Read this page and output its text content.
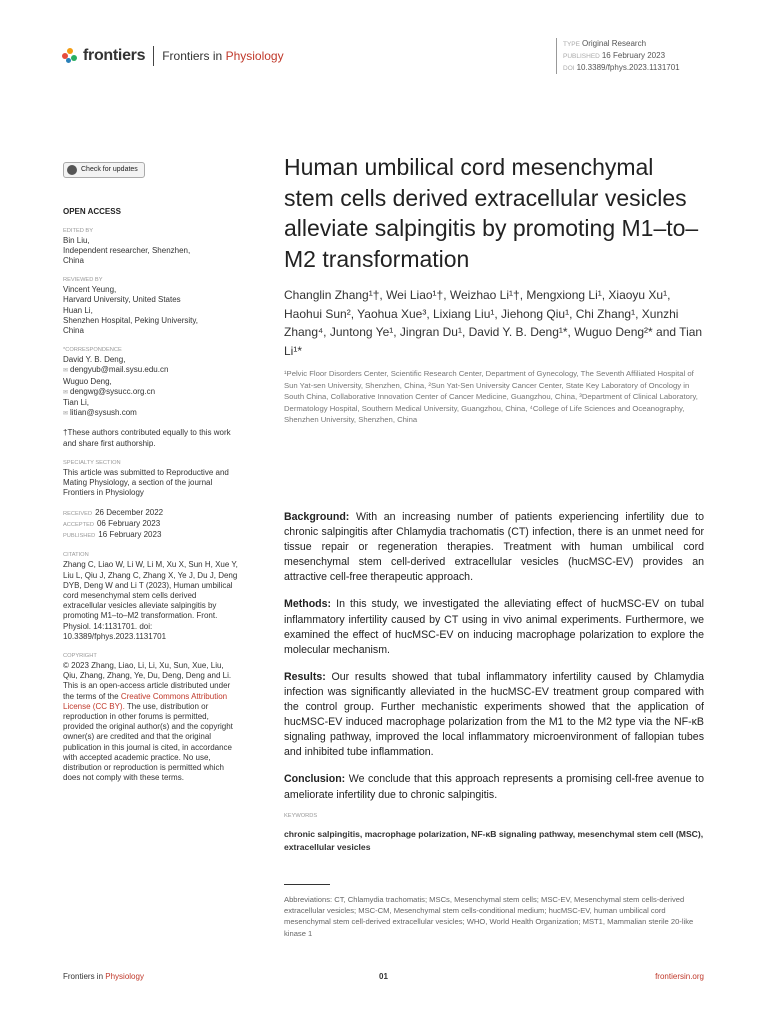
frontiers Frontiers in Physiology
TYPE Original Research
PUBLISHED 16 February 2023
DOI 10.3389/fphys.2023.1131701
Check for updates
OPEN ACCESS
EDITED BY
Bin Liu,
Independent researcher, Shenzhen,
China
REVIEWED BY
Vincent Yeung,
Harvard University, United States
Huan Li,
Shenzhen Hospital, Peking University,
China
*CORRESPONDENCE
David Y. B. Deng,
✉ dengyub@mail.sysu.edu.cn
Wuguo Deng,
✉ dengwg@sysucc.org.cn
Tian Li,
✉ litian@sysush.com
†These authors contributed equally to this work and share first authorship.
SPECIALTY SECTION
This article was submitted to Reproductive and Mating Physiology, a section of the journal Frontiers in Physiology
RECEIVED 26 December 2022
ACCEPTED 06 February 2023
PUBLISHED 16 February 2023
CITATION
Zhang C, Liao W, Li W, Li M, Xu X, Sun H, Xue Y, Liu L, Qiu J, Zhang C, Zhang X, Ye J, Du J, Deng DYB, Deng W and Li T (2023), Human umbilical cord mesenchymal stem cells derived extracellular vesicles alleviate salpingitis by promoting M1–to–M2 transformation. Front. Physiol. 14:1131701. doi: 10.3389/fphys.2023.1131701
COPYRIGHT
© 2023 Zhang, Liao, Li, Li, Xu, Sun, Xue, Liu, Qiu, Zhang, Zhang, Ye, Du, Deng, Deng and Li. This is an open-access article distributed under the terms of the Creative Commons Attribution License (CC BY). The use, distribution or reproduction in other forums is permitted, provided the original author(s) and the copyright owner(s) are credited and that the original publication in this journal is cited, in accordance with accepted academic practice. No use, distribution or reproduction is permitted which does not comply with these terms.
Human umbilical cord mesenchymal stem cells derived extracellular vesicles alleviate salpingitis by promoting M1–to–M2 transformation
Changlin Zhang¹†, Wei Liao¹†, Weizhao Li¹†, Mengxiong Li¹, Xiaoyu Xu¹, Haohui Sun², Yaohua Xue³, Lixiang Liu¹, Jiehong Qiu¹, Chi Zhang¹, Xunzhi Zhang⁴, Juntong Ye¹, Jingran Du¹, David Y. B. Deng¹*, Wuguo Deng²* and Tian Li¹*
¹Pelvic Floor Disorders Center, Scientific Research Center, Department of Gynecology, The Seventh Affiliated Hospital of Sun Yat-sen University, Shenzhen, China, ²Sun Yat-Sen University Cancer Center, State Key Laboratory of Oncology in South China, Collaborative Innovation Center of Cancer Medicine, Guangzhou, China, ³Department of Clinical Laboratory, Dermatology Hospital, Southern Medical University, Guangzhou, China, ⁴College of Life Sciences and Oceanography, Shenzhen University, Shenzhen, China

Background: With an increasing number of patients experiencing infertility due to chronic salpingitis after Chlamydia trachomatis (CT) infection, there is an unmet need for tissue repair or regeneration therapies. Treatment with human umbilical cord mesenchymal stem cell-derived extracellular vesicles (hucMSC-EV) provides an attractive cell-free therapeutic approach.

Methods: In this study, we investigated the alleviating effect of hucMSC-EV on tubal inflammatory infertility caused by CT using in vivo animal experiments. Furthermore, we examined the effect of hucMSC-EV on inducing macrophage polarization to explore the molecular mechanism.

Results: Our results showed that tubal inflammatory infertility caused by Chlamydia infection was significantly alleviated in the hucMSC-EV treatment group compared with the control group. Further mechanistic experiments showed that the application of hucMSC-EV induced macrophage polarization from the M1 to the M2 type via the NF-κB signaling pathway, improved the local inflammatory microenvironment of fallopian tubes and inhibited tube inflammation.

Conclusion: We conclude that this approach represents a promising cell-free avenue to ameliorate infertility due to chronic salpingitis.

KEYWORDS
chronic salpingitis, macrophage polarization, NF-κB signaling pathway, mesenchymal stem cell (MSC), extracellular vesicles
Abbreviations: CT, Chlamydia trachomatis; MSCs, Mesenchymal stem cells; MSC-EV, Mesenchymal stem cells-derived extracellular vesicles; MSC-CM, Mesenchymal stem cells-conditional medium; hucMSC-EV, human umbilical cord mesenchymal stem cell-derived extracellular vesicles; WHO, World Health Organization; MST1, Mammalian sterile 20-like kinase 1
Frontiers in Physiology	01	frontiersin.org
